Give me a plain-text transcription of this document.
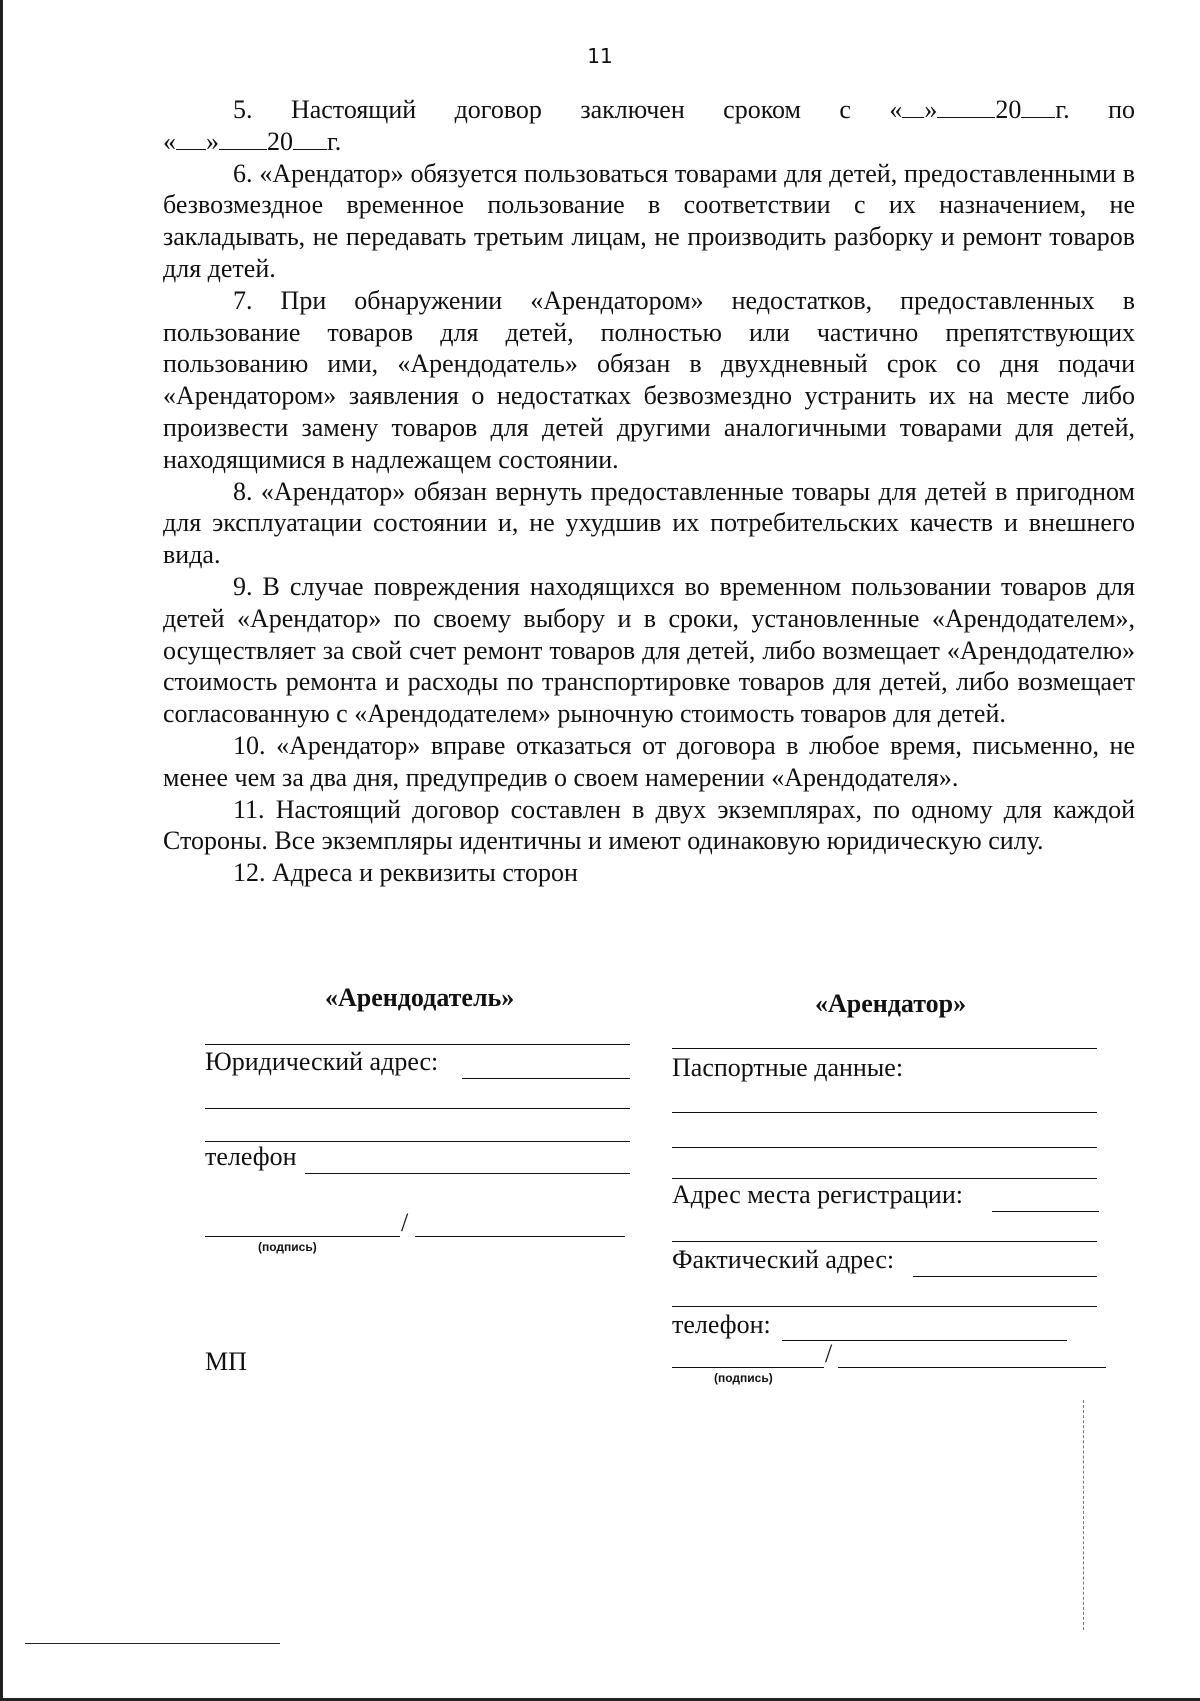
11

5. Настоящий договор заключен сроком с « » 20 г. по

« » 20 г.

6. «Арендатор» обязуется пользоваться товарами для детей, предоставленными в безвозмездное временное пользование в соответствии с их назначением, не закладывать, не передавать третьим лицам, не производить разборку и ремонт товаров для детей.

7. При обнаружении «Арендатором» недостатков, предоставленных в пользование товаров для детей, полностью или частично препятствующих пользованию ими, «Арендодатель» обязан в двухдневный срок со дня подачи «Арендатором» заявления о недостатках безвозмездно устранить их на месте либо произвести замену товаров для детей другими аналогичными товарами для детей, находящимися в надлежащем состоянии.

8. «Арендатор» обязан вернуть предоставленные товары для детей в пригодном для эксплуатации состоянии и, не ухудшив их потребительских качеств и внешнего вида.

9. В случае повреждения находящихся во временном пользовании товаров для детей «Арендатор» по своему выбору и в сроки, установленные «Арендодателем», осуществляет за свой счет ремонт товаров для детей, либо возмещает «Арендодателю» стоимость ремонта и расходы по транспортировке товаров для детей, либо возмещает согласованную с «Арендодателем» рыночную стоимость товаров для детей.

10. «Арендатор» вправе отказаться от договора в любое время, письменно, не менее чем за два дня, предупредив о своем намерении «Арендодателя».

11. Настоящий договор составлен в двух экземплярах, по одному для каждой Стороны. Все экземпляры идентичны и имеют одинаковую юридическую силу.

12. Адреса и реквизиты сторон

«Арендодатель»
Юридический адрес:
телефон
/
(подпись)
МП
«Арендатор»
Паспортные данные:
Адрес места регистрации:
Фактический адрес:
телефон:
/
(подпись)
